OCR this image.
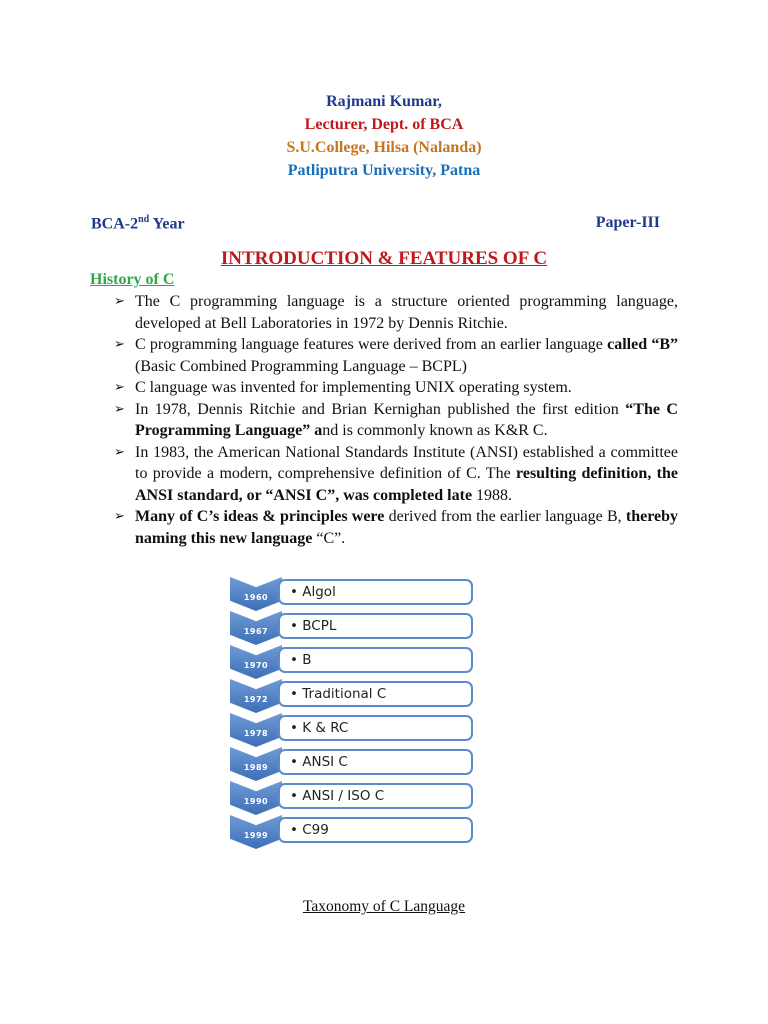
Rajmani Kumar,
Lecturer, Dept. of BCA
S.U.College, Hilsa (Nalanda)
Patliputra University, Patna
BCA-2nd Year	Paper-III
INTRODUCTION & FEATURES OF C
History of C
➢ The C programming language is a structure oriented programming language, developed at Bell Laboratories in 1972 by Dennis Ritchie.
➢ C programming language features were derived from an earlier language called “B” (Basic Combined Programming Language – BCPL)
➢ C language was invented for implementing UNIX operating system.
➢ In 1978, Dennis Ritchie and Brian Kernighan published the first edition “The C Programming Language” and is commonly known as K&R C.
➢ In 1983, the American National Standards Institute (ANSI) established a committee to provide a modern, comprehensive definition of C. The resulting definition, the ANSI standard, or “ANSI C”, was completed late 1988.
➢ Many of C’s ideas & principles were derived from the earlier language B, thereby naming this new language “C”.
1960	• Algol
1967	• BCPL
1970	• B
1972	• Traditional C
1978	• K & RC
1989	• ANSI C
1990	• ANSI / ISO C
1999	• C99
Taxonomy of C Language
